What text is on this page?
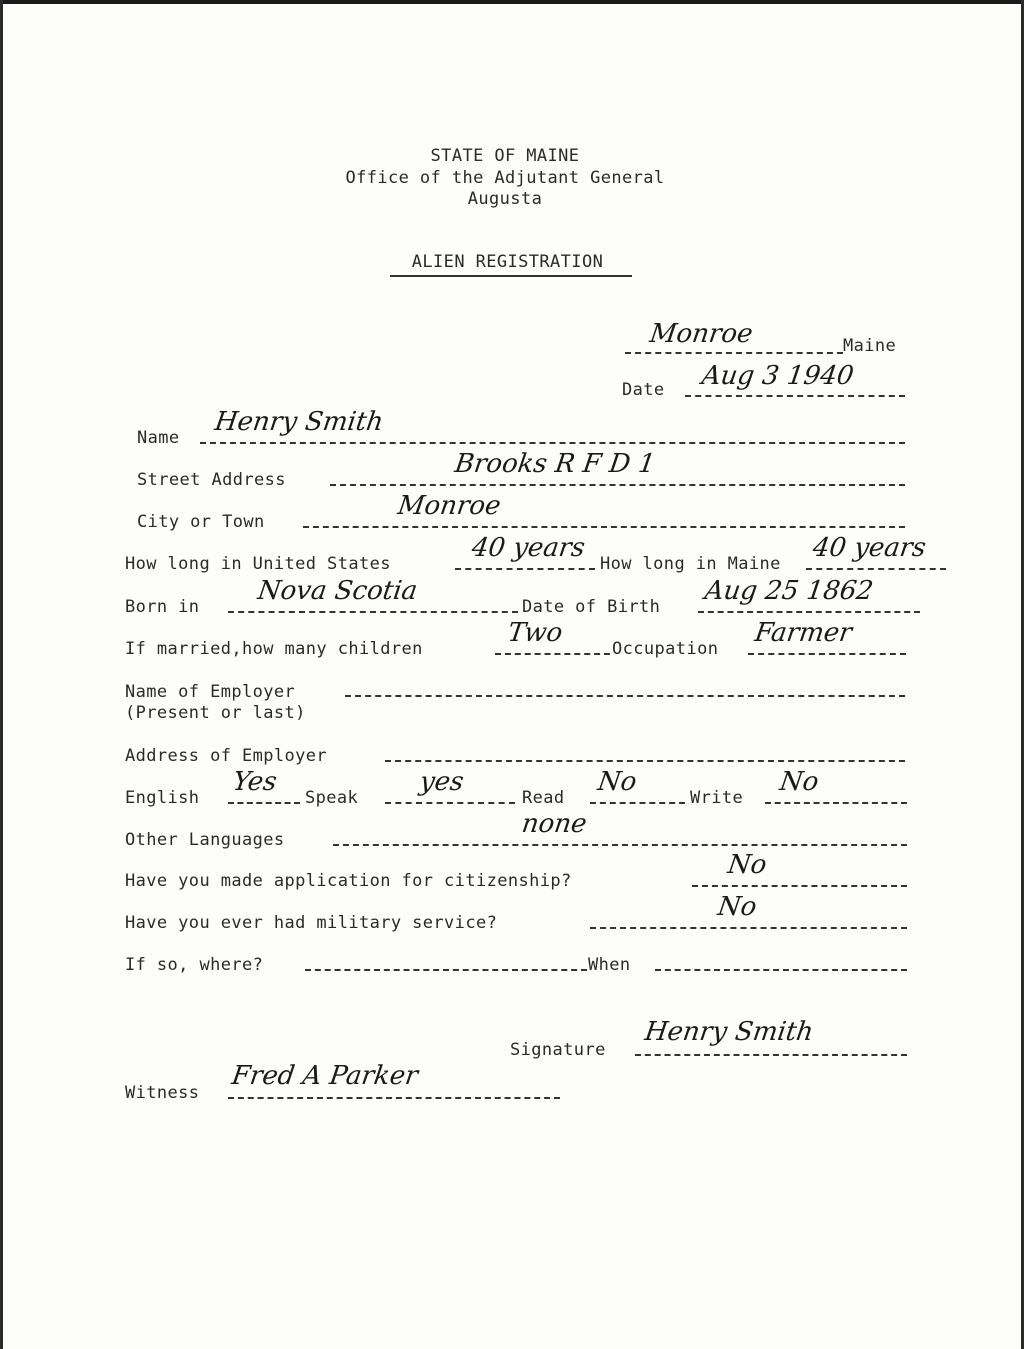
STATE OF MAINE
Office of the Adjutant General
Augusta
ALIEN REGISTRATION
Monroe	Maine
Date Aug 3 1940
Name
Henry Smith
Street Address
Brooks R F D 1
City or Town
Monroe
How long in United States
40 years
How long in Maine
40 years
Born in
Nova Scotia
Date of Birth
Aug 25 1862
If married,how many children
Two
Occupation
Farmer
Name of Employer
(Present or last)
Address of Employer
English
Yes
Speak
yes
Read
No
Write
No
Other Languages
none
Have you made application for citizenship?
No
Have you ever had military service?
No
If so, where?	When
Signature
Henry Smith
Witness
Fred A Parker
